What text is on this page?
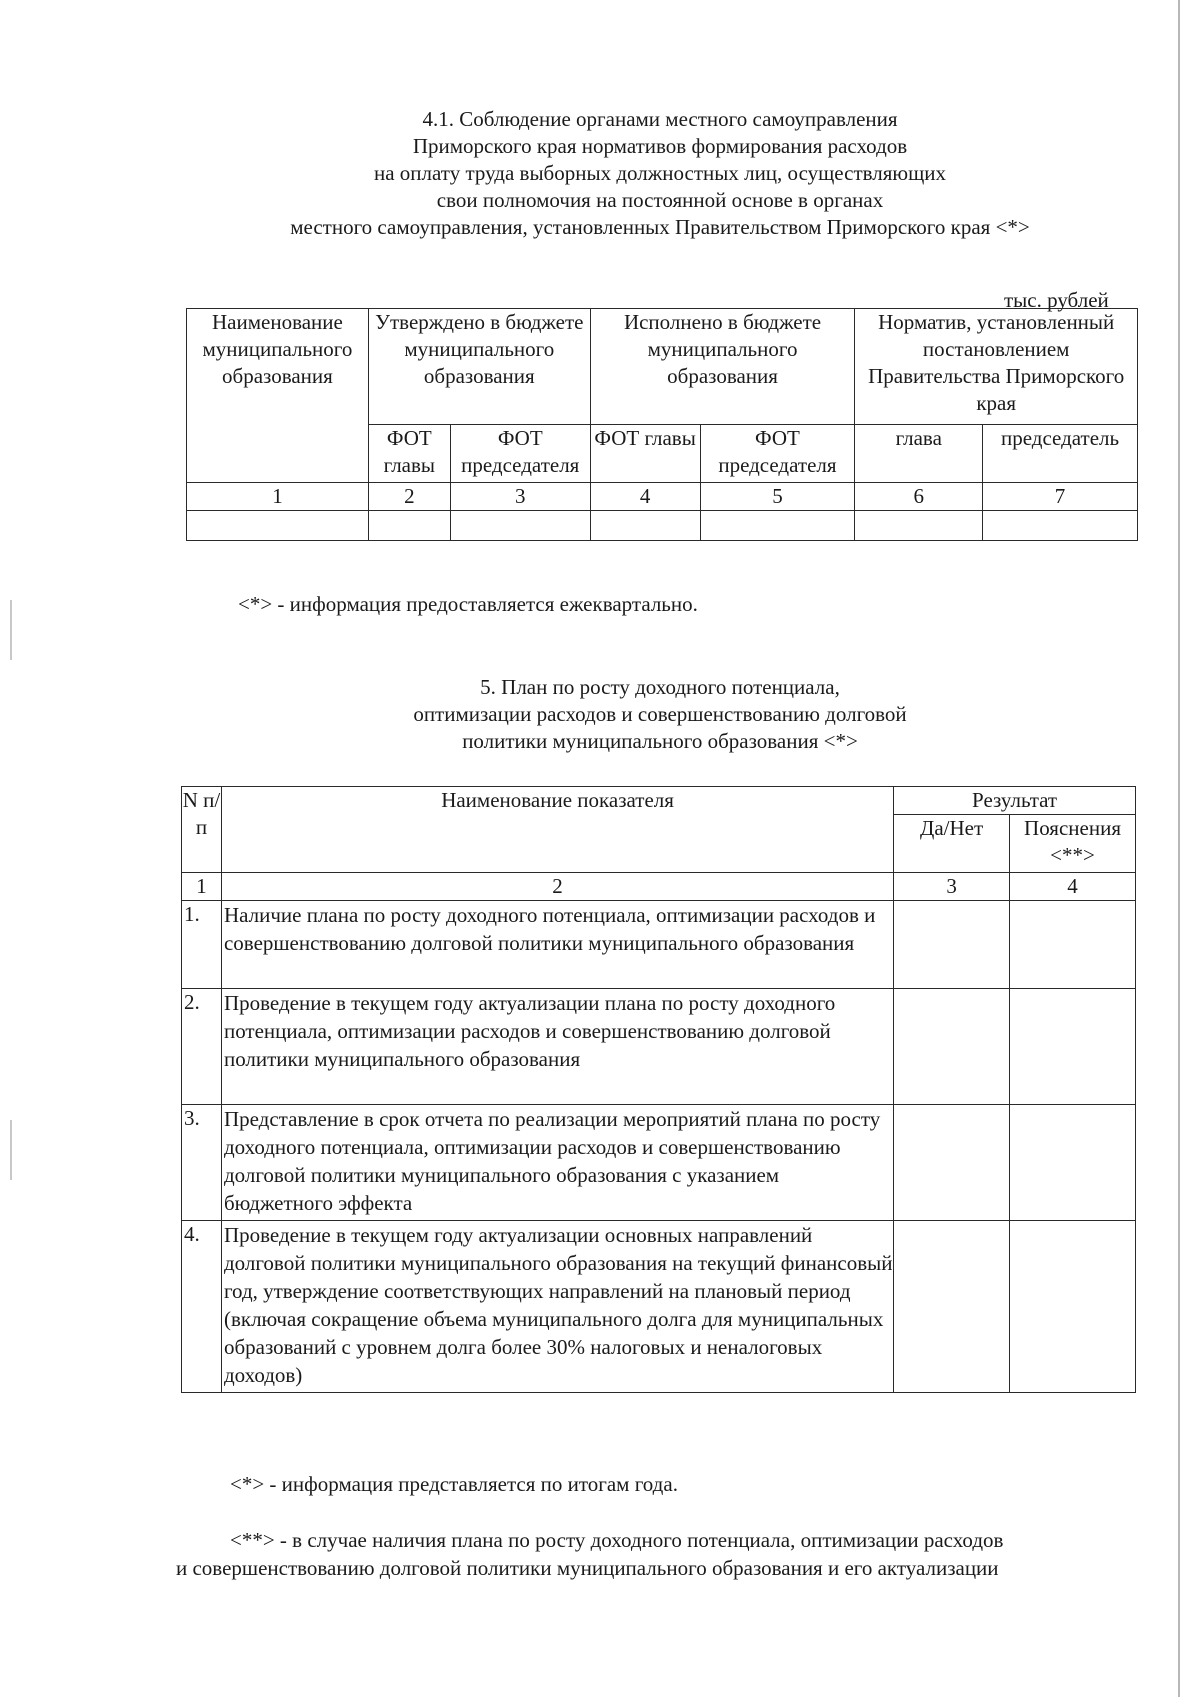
4.1. Соблюдение органами местного самоуправления
Приморского края нормативов формирования расходов
на оплату труда выборных должностных лиц, осуществляющих
свои полномочия на постоянной основе в органах
местного самоуправления, установленных Правительством Приморского края <*>
тыс. рублей
Наименование муниципального образования	Утверждено в бюджете муниципального образования		Исполнено в бюджете муниципального образования		Норматив, установленный постановлением Правительства Приморского края	
	ФОТ главы	ФОТ председателя	ФОТ главы	ФОТ председателя	глава	председатель
1	2	3	4	5	6	7

<*> - информация предоставляется ежеквартально.
5. План по росту доходного потенциала,
оптимизации расходов и совершенствованию долговой
политики муниципального образования <*>
N п/п	Наименование показателя	Результат	
		Да/Нет	Пояснения <**>
1	2	3	4
1.	Наличие плана по росту доходного потенциала, оптимизации расходов и совершенствованию долговой политики муниципального образования		
2.	Проведение в текущем году актуализации плана по росту доходного потенциала, оптимизации расходов и совершенствованию долговой политики муниципального образования		
3.	Представление в срок отчета по реализации мероприятий плана по росту доходного потенциала, оптимизации расходов и совершенствованию долговой политики муниципального образования с указанием бюджетного эффекта		
4.	Проведение в текущем году актуализации основных направлений долговой политики муниципального образования на текущий финансовый год, утверждение соответствующих направлений на плановый период (включая сокращение объема муниципального долга для муниципальных образований с уровнем долга более 30% налоговых и неналоговых доходов)		
<*> - информация представляется по итогам года.
<**> - в случае наличия плана по росту доходного потенциала, оптимизации расходов
и совершенствованию долговой политики муниципального образования и его актуализации
